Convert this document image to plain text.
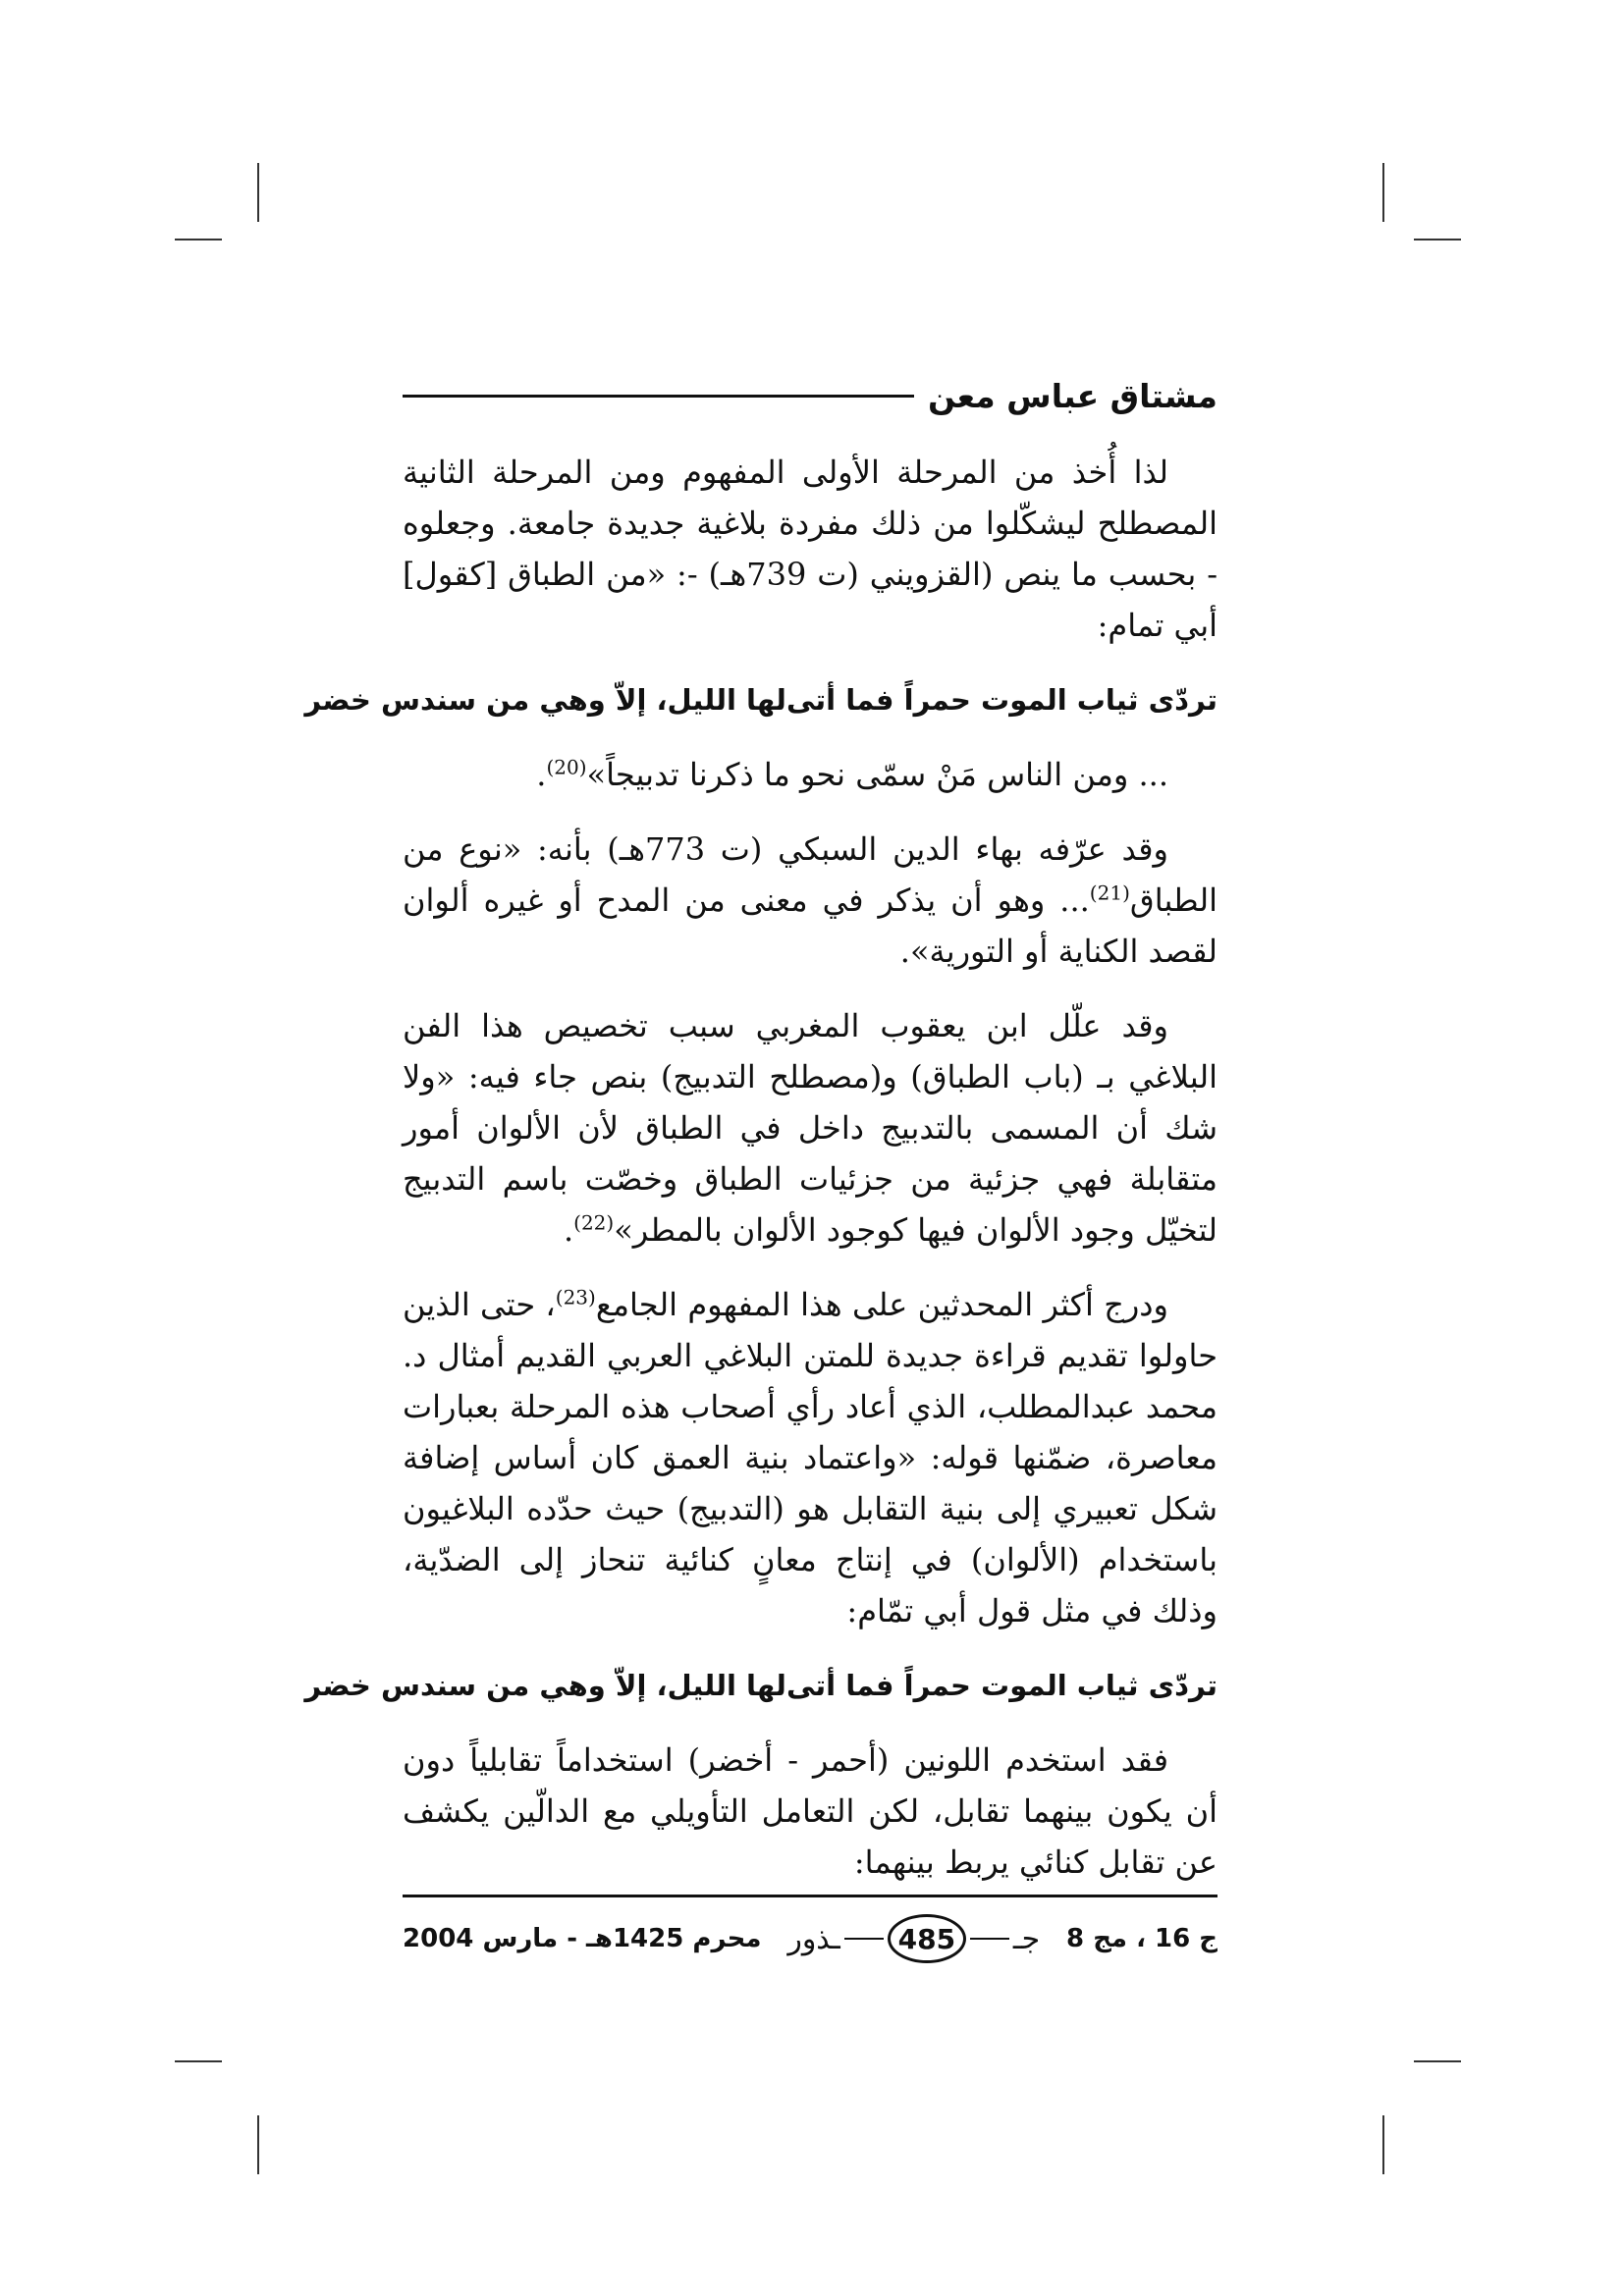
مشتاق عباس معن

لذا أُخذ من المرحلة الأولى المفهوم ومن المرحلة الثانية المصطلح ليشكّلوا من ذلك مفردة بلاغية جديدة جامعة. وجعلوه - بحسب ما ينص (القزويني (ت 739هـ) -: «من الطباق [كقول] أبي تمام:

تردّى ثياب الموت حمراً فما أتى
لها الليل، إلاّ وهي من سندس خضر

... ومن الناس مَنْ سمّى نحو ما ذكرنا تدبيجاً»$^{(20)}$.

وقد عرّفه بهاء الدين السبكي (ت 773هـ) بأنه: «نوع من الطباق$^{(21)}$... وهو أن يذكر في معنى من المدح أو غيره ألوان لقصد الكناية أو التورية».

وقد علّل ابن يعقوب المغربي سبب تخصيص هذا الفن البلاغي بـ (باب الطباق) و(مصطلح التدبيج) بنص جاء فيه: «ولا شك أن المسمى بالتدبيج داخل في الطباق لأن الألوان أمور متقابلة فهي جزئية من جزئيات الطباق وخصّت باسم التدبيج لتخيّل وجود الألوان فيها كوجود الألوان بالمطر»$^{(22)}$.

ودرج أكثر المحدثين على هذا المفهوم الجامع$^{(23)}$، حتى الذين حاولوا تقديم قراءة جديدة للمتن البلاغي العربي القديم أمثال د. محمد عبدالمطلب، الذي أعاد رأي أصحاب هذه المرحلة بعبارات معاصرة، ضمّنها قوله: «واعتماد بنية العمق كان أساس إضافة شكل تعبيري إلى بنية التقابل هو (التدبيج) حيث حدّده البلاغيون باستخدام (الألوان) في إنتاج معانٍ كنائية تنحاز إلى الضدّية، وذلك في مثل قول أبي تمّام:

تردّى ثياب الموت حمراً فما أتى
لها الليل، إلاّ وهي من سندس خضر

فقد استخدم اللونين (أحمر - أخضر) استخداماً تقابلياً دون أن يكون بينهما تقابل، لكن التعامل التأويلي مع الدالّين يكشف عن تقابل كنائي يربط بينهما:

ج 16 ، مج 8
جـ
485
ـذور
محرم 1425هـ - مارس 2004
